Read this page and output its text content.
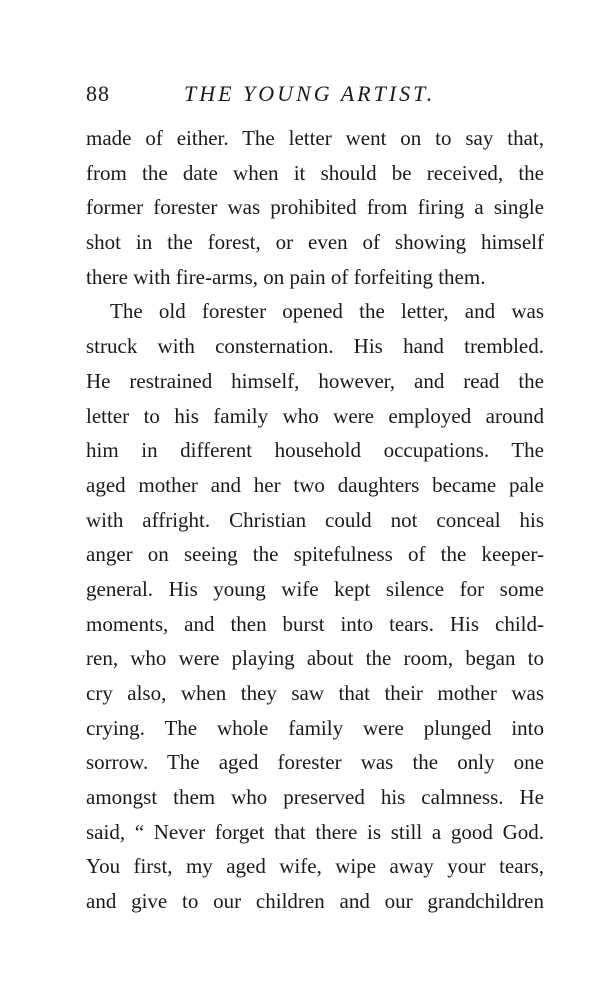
88	THE YOUNG ARTIST.
made of either. The letter went on to say that,
from the date when it should be received, the
former forester was prohibited from firing a single
shot in the forest, or even of showing himself
there with fire-arms, on pain of forfeiting them.
The old forester opened the letter, and was
struck with consternation. His hand trembled.
He restrained himself, however, and read the
letter to his family who were employed around
him in different household occupations. The
aged mother and her two daughters became pale
with affright. Christian could not conceal his
anger on seeing the spitefulness of the keeper-
general. His young wife kept silence for some
moments, and then burst into tears. His child-
ren, who were playing about the room, began to
cry also, when they saw that their mother was
crying. The whole family were plunged into
sorrow. The aged forester was the only one
amongst them who preserved his calmness. He
said, “ Never forget that there is still a good God.
You first, my aged wife, wipe away your tears,
and give to our children and our grandchildren
